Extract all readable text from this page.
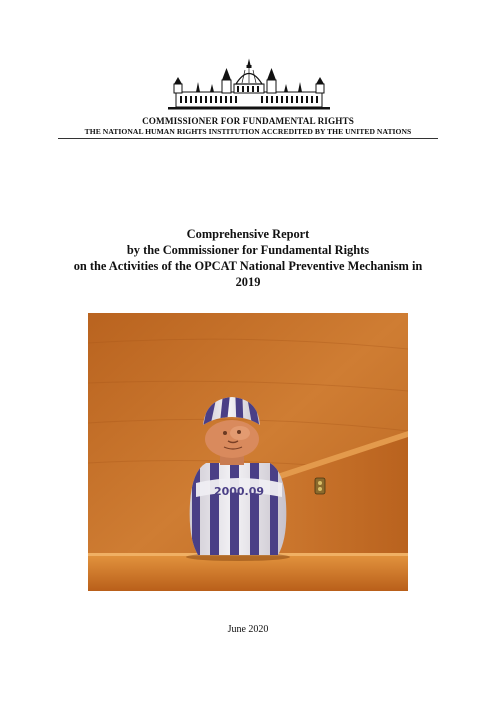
COMMISSIONER FOR FUNDAMENTAL RIGHTS
THE NATIONAL HUMAN RIGHTS INSTITUTION ACCREDITED BY THE UNITED NATIONS
Comprehensive Report
by the Commissioner for Fundamental Rights
on the Activities of the OPCAT National Preventive Mechanism in
2019
2000.09
June 2020
